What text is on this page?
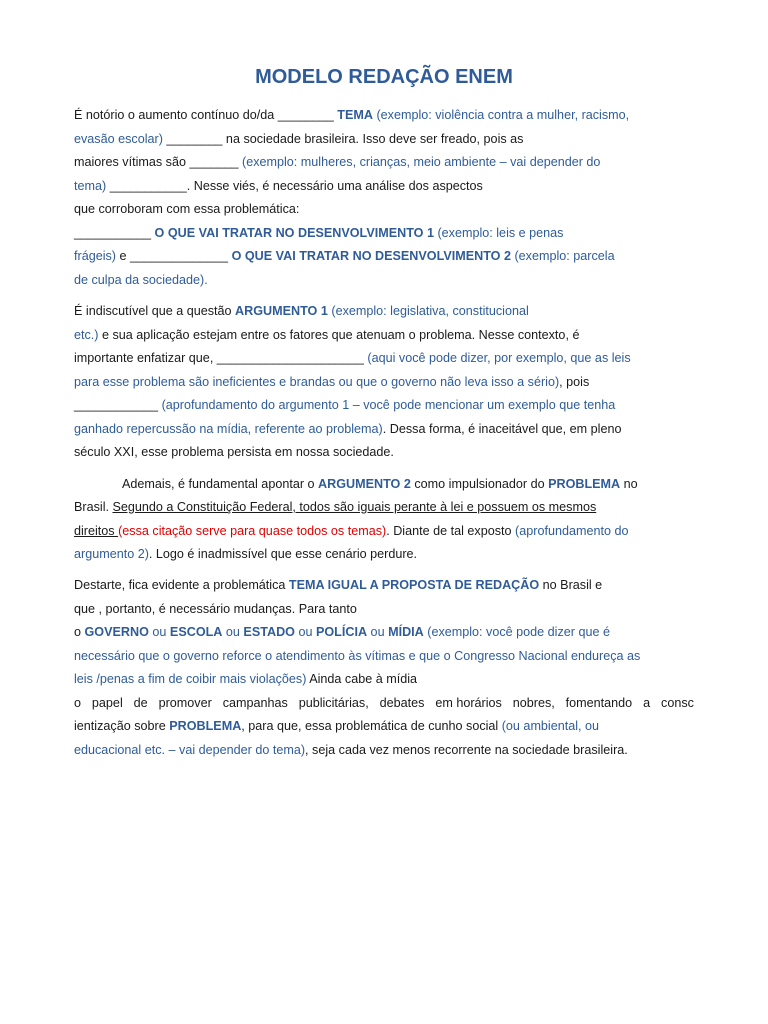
MODELO REDAÇÃO ENEM
É notório o aumento contínuo do/da ________ TEMA (exemplo: violência contra a mulher, racismo,
evasão escolar) ________ na sociedade brasileira. Isso deve ser freado, pois as
maiores vítimas são _______ (exemplo: mulheres, crianças, meio ambiente – vai depender do
tema) ___________. Nesse viés, é necessário uma análise dos aspectos
que corroboram com essa problemática:
___________ O QUE VAI TRATAR NO DESENVOLVIMENTO 1 (exemplo: leis e penas
frágeis) e ______________ O QUE VAI TRATAR NO DESENVOLVIMENTO 2 (exemplo: parcela
de culpa da sociedade).
É indiscutível que a questão ARGUMENTO 1 (exemplo: legislativa, constitucional
etc.) e sua aplicação estejam entre os fatores que atenuam o problema. Nesse contexto, é
importante enfatizar que, _____________________ (aqui você pode dizer, por exemplo, que as leis
para esse problema são ineficientes e brandas ou que o governo não leva isso a sério), pois
____________ (aprofundamento do argumento 1 – você pode mencionar um exemplo que tenha
ganhado repercussão na mídia, referente ao problema). Dessa forma, é inaceitável que, em pleno
século XXI, esse problema persista em nossa sociedade.
Ademais, é fundamental apontar o ARGUMENTO 2 como impulsionador do PROBLEMA no
Brasil. Segundo a Constituição Federal, todos são iguais perante à lei e possuem os mesmos
direitos (essa citação serve para quase todos os temas). Diante de tal exposto (aprofundamento do
argumento 2). Logo é inadmissível que esse cenário perdure.
Destarte, fica evidente a problemática TEMA IGUAL A PROPOSTA DE REDAÇÃO no Brasil e
que , portanto, é necessário mudanças. Para tanto
o GOVERNO ou ESCOLA ou ESTADO ou POLÍCIA ou MÍDIA (exemplo: você pode dizer que é
necessário que o governo reforce o atendimento às vítimas e que o Congresso Nacional endureça as
leis /penas a fim de coibir mais violações) Ainda cabe à mídia
o papel de promover campanhas publicitárias, debates em horários nobres, fomentando a consc
ientização sobre PROBLEMA, para que, essa problemática de cunho social (ou ambiental, ou
educacional etc. – vai depender do tema), seja cada vez menos recorrente na sociedade brasileira.
